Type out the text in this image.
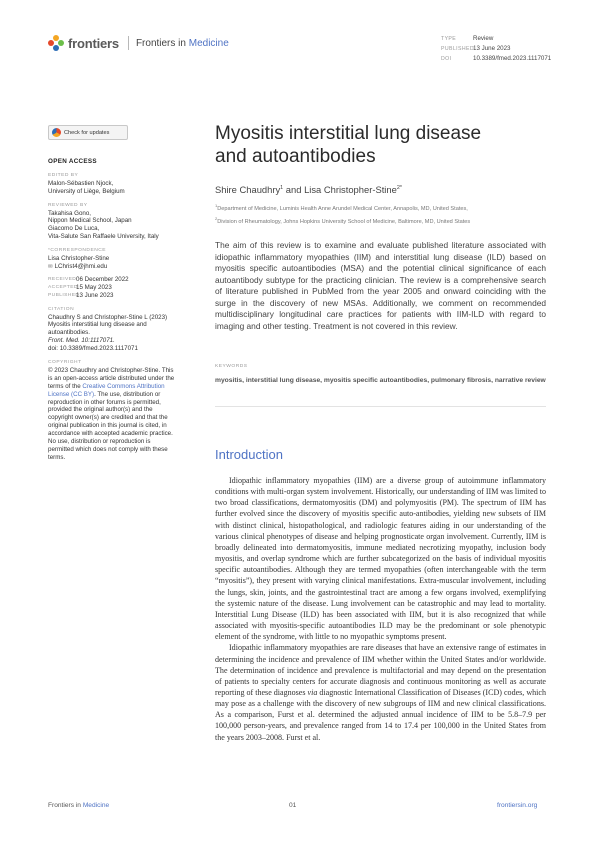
frontiers Frontiers in Medicine	TYPE	Review
PUBLISHED
13 June 2023
DOI	10.3389/fmed.2023.1117071
Check for updates
OPEN ACCESS
EDITED BY
Malon-Sébastien Njock,
University of Liège, Belgium
REVIEWED BY
Takahisa Gono,
Nippon Medical School, Japan
Giacomo De Luca,
Vita-Salute San Raffaele University, Italy
*CORRESPONDENCE
Lisa Christopher-Stine
✉ LChrist4@jhmi.edu
RECEIVED 06 December 2022
ACCEPTED
15 May 2023
PUBLISHED
13 June 2023
CITATION
Chaudhry S and Christopher-Stine L (2023)
Myositis interstitial lung disease and
autoantibodies.
Front. Med. 10:1117071.
doi: 10.3389/fmed.2023.1117071
COPYRIGHT
© 2023 Chaudhry and Christopher-Stine. This
is an open-access article distributed under the
terms of the Creative Commons Attribution
License (CC BY). The use, distribution or
reproduction in other forums is permitted,
provided the original author(s) and the
copyright owner(s) are credited and that the
original publication in this journal is cited, in
accordance with accepted academic practice.
No use, distribution or reproduction is
permitted which does not comply with these
terms.
Myositis interstitial lung disease
and autoantibodies
Shire Chaudhry$^1$ and Lisa Christopher-Stine$^{2*}$
$^1$Department of Medicine, Luminis Health Anne Arundel Medical Center, Annapolis, MD, United States,
$^2$Division of Rheumatology, Johns Hopkins University School of Medicine, Baltimore, MD, United States
The aim of this review is to examine and evaluate published literature associated with idiopathic inflammatory myopathies (IIM) and interstitial lung disease (ILD) based on myositis specific autoantibodies (MSA) and the potential clinical significance of each autoantibody subtype for the practicing clinician. The review is a comprehensive search of literature published in PubMed from the year 2005 and onward coinciding with the surge in the discovery of new MSAs. Additionally, we comment on recommended multidisciplinary longitudinal care practices for patients with IIM-ILD with regard to imaging and other testing. Treatment is not covered in this review.
KEYWORDS
myositis, interstitial lung disease, myositis specific autoantibodies, pulmonary fibrosis, narrative review
Introduction

Idiopathic inflammatory myopathies (IIM) are a diverse group of autoimmune inflammatory conditions with multi-organ system involvement. Historically, our understanding of IIM was limited to two broad classifications, dermatomyositis (DM) and polymyositis (PM). The spectrum of IIM has further evolved since the discovery of myositis specific auto-antibodies, yielding new subsets of IIM with distinct clinical, histopathological, and radiologic features aiding in our understanding of the various clinical phenotypes of disease and helping prognosticate organ involvement. Currently, IIM is broadly delineated into dermatomyositis, immune mediated necrotizing myopathy, inclusion body myositis, and overlap syndrome which are further subcategorized on the basis of individual myositis specific autoantibodies. Although they are termed myopathies (often interchangeable with the term “myositis”), they present with varying clinical manifestations. Extra-muscular involvement, including the lungs, skin, joints, and the gastrointestinal tract are among a few organs involved, exemplifying the systemic nature of the disease. Lung involvement can be catastrophic and may lead to mortality. Interstitial Lung Disease (ILD) has been associated with IIM, but it is also recognized that while associated with myositis-specific autoantibodies ILD may be the predominant or sole phenotypic element of the syndrome, with little to no myopathic symptoms present.

Idiopathic inflammatory myopathies are rare diseases that have an extensive range of estimates in determining the incidence and prevalence of IIM whether within the United States and/or worldwide. The determination of incidence and prevalence is multifactorial and may depend on the presentation of patients to specialty centers for accurate diagnosis and continuous monitoring as well as accurate reporting of these diagnoses via diagnostic International Classification of Diseases (ICD) codes, which may pose as a challenge with the discovery of new subgroups of IIM and new clinical classifications. As a comparison, Furst et al. determined the adjusted annual incidence of IIM to be 5.8–7.9 per 100,000 person-years, and prevalence ranged from 14 to 17.4 per 100,000 in the United States from the years 2003–2008. Furst et al.

Frontiers in Medicine	01	frontiersin.org
